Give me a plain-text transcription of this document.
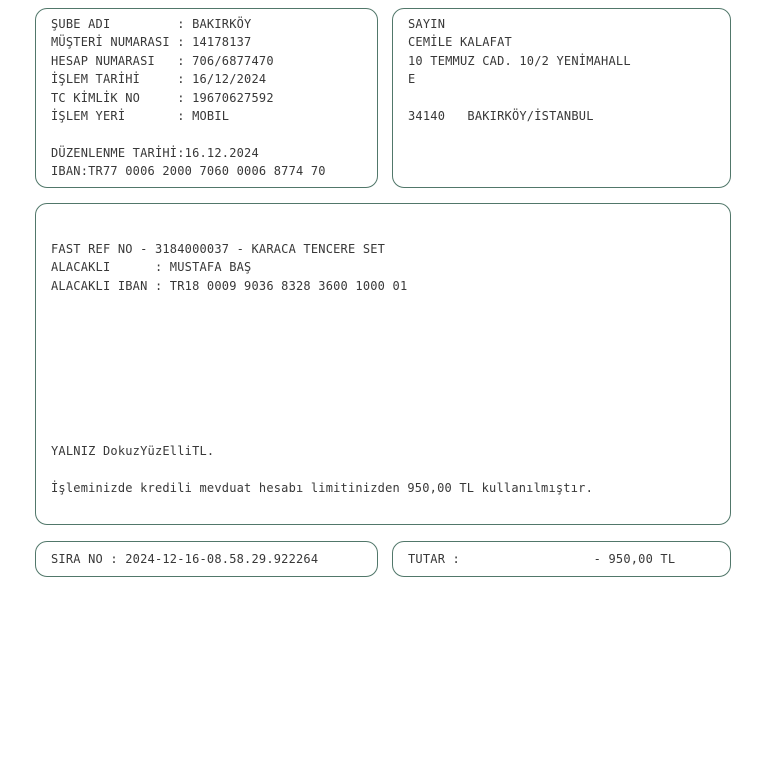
ŞUBE ADI         : BAKIRKÖY
MÜŞTERİ NUMARASI : 14178137
HESAP NUMARASI   : 706/6877470
İŞLEM TARİHİ     : 16/12/2024
TC KİMLİK NO     : 19670627592
İŞLEM YERİ       : MOBIL
DÜZENLENME TARİHİ:16.12.2024
IBAN:TR77 0006 2000 7060 0006 8774 70
SAYIN
CEMİLE KALAFAT
10 TEMMUZ CAD. 10/2 YENİMAHALL
E
34140   BAKIRKÖY/İSTANBUL
FAST REF NO - 3184000037 - KARACA TENCERE SET
ALACAKLI      : MUSTAFA BAŞ
ALACAKLI IBAN : TR18 0009 9036 8328 3600 1000 01
YALNIZ DokuzYüzElliTL.
İşleminizde kredili mevduat hesabı limitinizden 950,00 TL kullanılmıştır.
SIRA NO : 2024-12-16-08.58.29.922264	TUTAR :                  - 950,00 TL
